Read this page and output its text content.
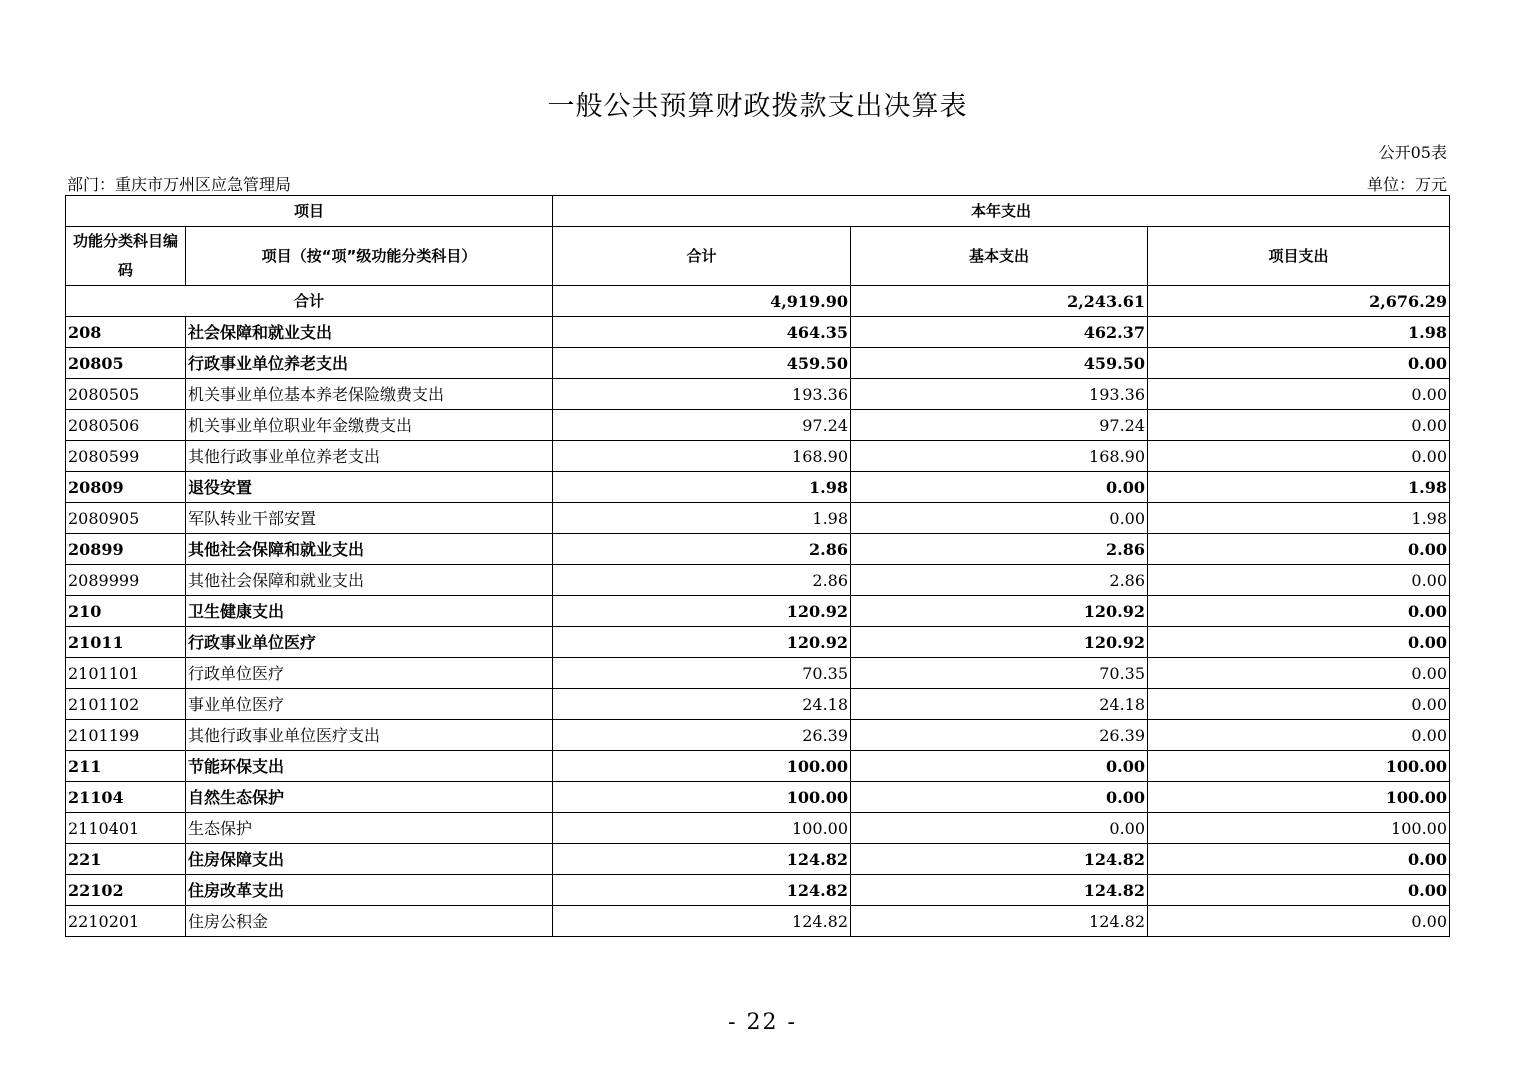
一般公共预算财政拨款支出决算表
公开05表
部门：重庆市万州区应急管理局	单位：万元
项目		本年支出		
功能分类科目编码	项目（按“项”级功能分类科目）	合计	基本支出	项目支出
合计		4,919.90	2,243.61	2,676.29
208	社会保障和就业支出	464.35	462.37	1.98
20805	行政事业单位养老支出	459.50	459.50	0.00
2080505	机关事业单位基本养老保险缴费支出	193.36	193.36	0.00
2080506	机关事业单位职业年金缴费支出	97.24	97.24	0.00
2080599	其他行政事业单位养老支出	168.90	168.90	0.00
20809	退役安置	1.98	0.00	1.98
2080905	军队转业干部安置	1.98	0.00	1.98
20899	其他社会保障和就业支出	2.86	2.86	0.00
2089999	其他社会保障和就业支出	2.86	2.86	0.00
210	卫生健康支出	120.92	120.92	0.00
21011	行政事业单位医疗	120.92	120.92	0.00
2101101	行政单位医疗	70.35	70.35	0.00
2101102	事业单位医疗	24.18	24.18	0.00
2101199	其他行政事业单位医疗支出	26.39	26.39	0.00
211	节能环保支出	100.00	0.00	100.00
21104	自然生态保护	100.00	0.00	100.00
2110401	生态保护	100.00	0.00	100.00
221	住房保障支出	124.82	124.82	0.00
22102	住房改革支出	124.82	124.82	0.00
2210201	住房公积金	124.82	124.82	0.00
- 22 -
